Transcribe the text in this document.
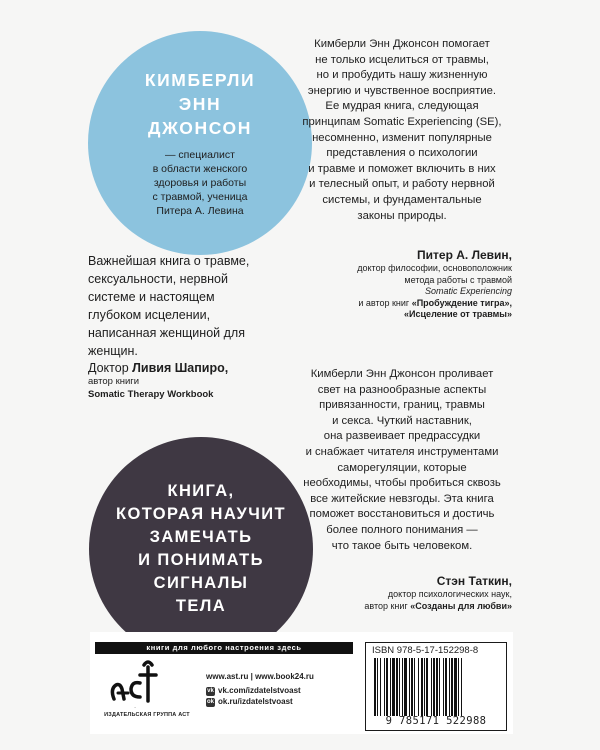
КИМБЕРЛИ
ЭНН
ДЖОНСОН
— специалист
в области женского
здоровья и работы
с травмой, ученица
Питера А. Левина
Кимберли Энн Джонсон помогает
не только исцелиться от травмы,
но и пробудить нашу жизненную
энергию и чувственное восприятие.
Ее мудрая книга, следующая
принципам Somatic Experiencing (SE),
несомненно, изменит популярные
представления о психологии
и травме и поможет включить в них
и телесный опыт, и работу нервной
системы, и фундаментальные
законы природы.
Питер А. Левин,
доктор философии, основоположник
метода работы с травмой
Somatic Experiencing
и автор книг «Пробуждение тигра»,
«Исцеление от травмы»
Важнейшая книга о травме,
сексуальности, нервной
системе и настоящем
глубоком исцелении,
написанная женщиной для
женщин.
Доктор Ливия Шапиро,
автор книги
Somatic Therapy Workbook
КНИГА,
КОТОРАЯ НАУЧИТ
ЗАМЕЧАТЬ
И ПОНИМАТЬ
СИГНАЛЫ
ТЕЛА
Кимберли Энн Джонсон проливает
свет на разнообразные аспекты
привязанности, границ, травмы
и секса. Чуткий наставник,
она развеивает предрассудки
и снабжает читателя инструментами
саморегуляции, которые
необходимы, чтобы пробиться сквозь
все житейские невзгоды. Эта книга
поможет восстановиться и достичь
более полного понимания —
что такое быть человеком.
Стэн Таткин,
доктор психологических наук,
автор книг «Созданы для любви»
книги для любого настроения здесь
АСТ
ИЗДАТЕЛЬСКАЯ ГРУППА АСТ
www.ast.ru | www.book24.ru
vk vk.com/izdatelstvoast
ok ok.ru/izdatelstvoast
ISBN 978-5-17-152298-8
9 785171 522988
